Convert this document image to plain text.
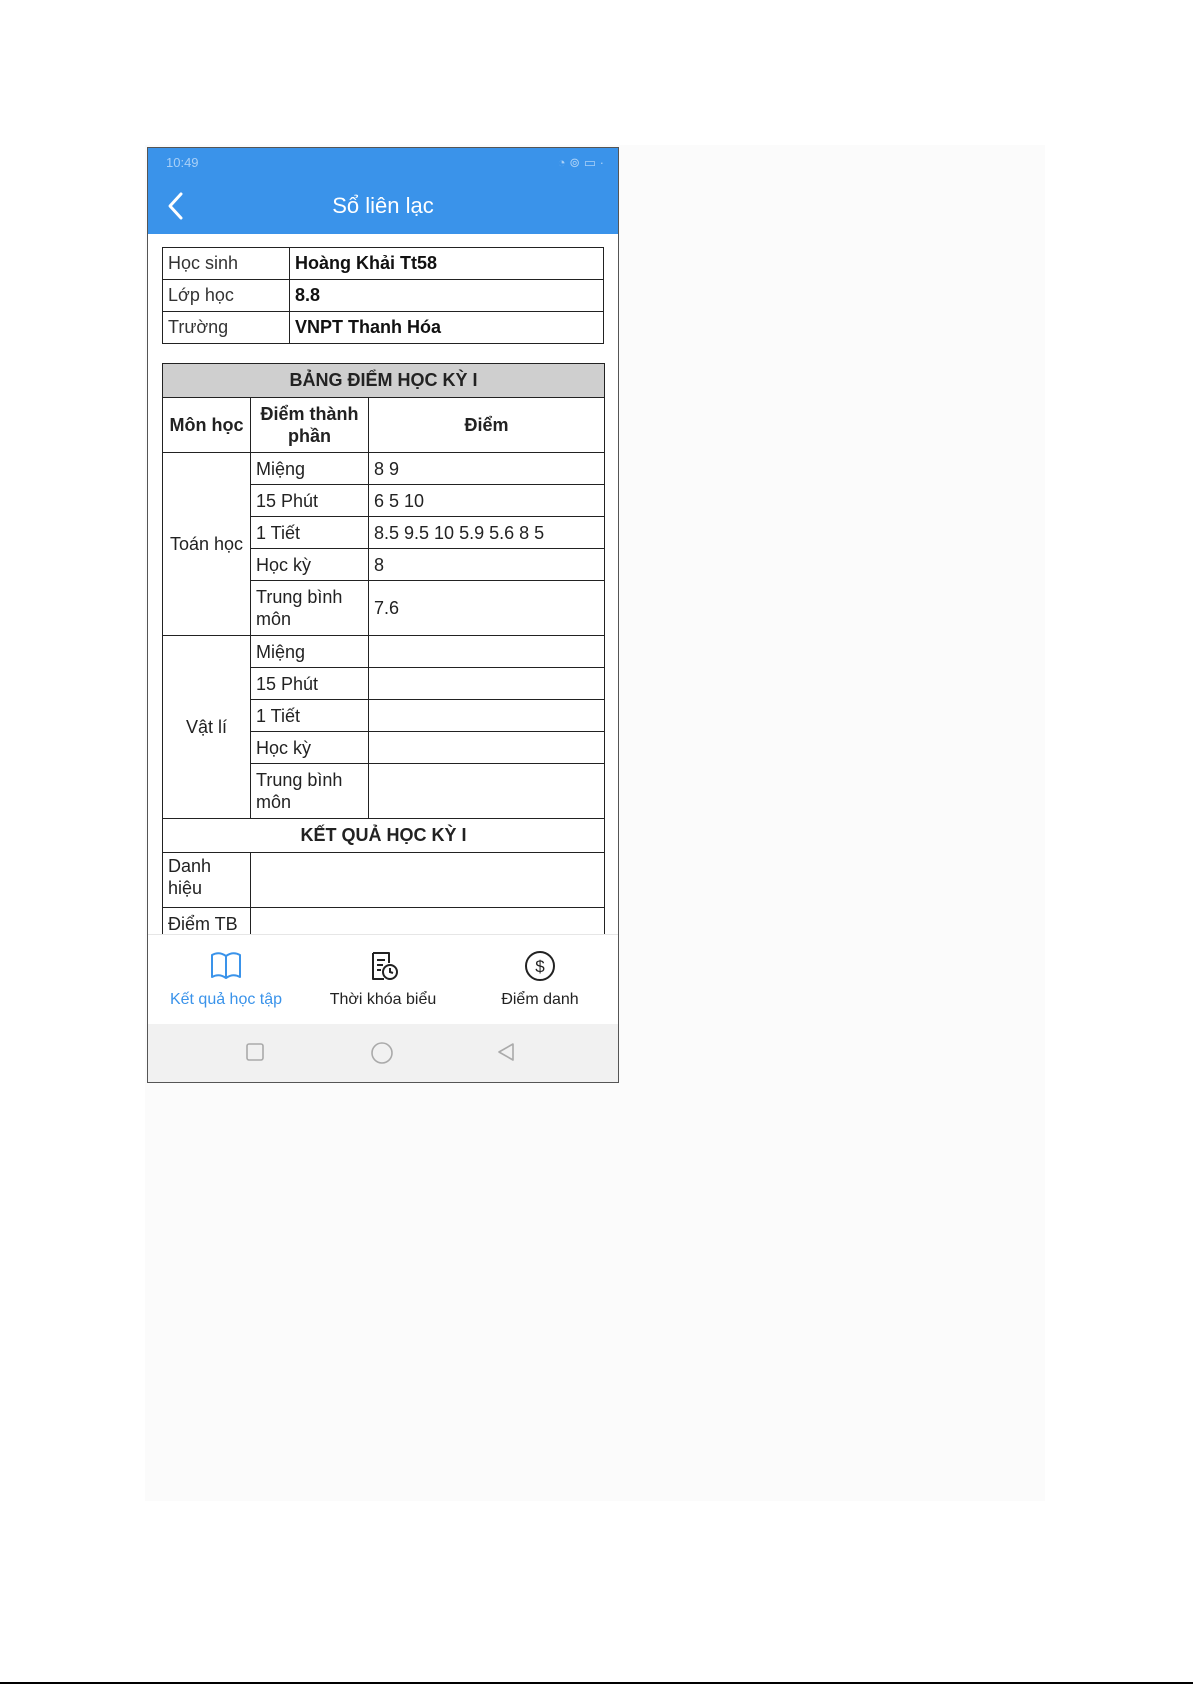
10:49	◔ ⊚ ▭ ·
Sổ liên lạc
Học sinh	Hoàng Khải Tt58
Lớp học	8.8
Trường	VNPT Thanh Hóa
BẢNG ĐIỂM HỌC KỲ I		
Môn học	Điểm thành phần	Điểm
Toán học	Miệng	8 9
	15 Phút	6 5 10
	1 Tiết	8.5 9.5 10 5.9 5.6 8 5
	Học kỳ	8
	Trung bình môn	7.6
Vật lí	Miệng	
	15 Phút	
	1 Tiết	
	Học kỳ	
	Trung bình môn	
KẾT QUẢ HỌC KỲ I		
Danh hiệu		
Điểm TB		
Kết quả học tập	Thời khóa biểu
$
Điểm danh
